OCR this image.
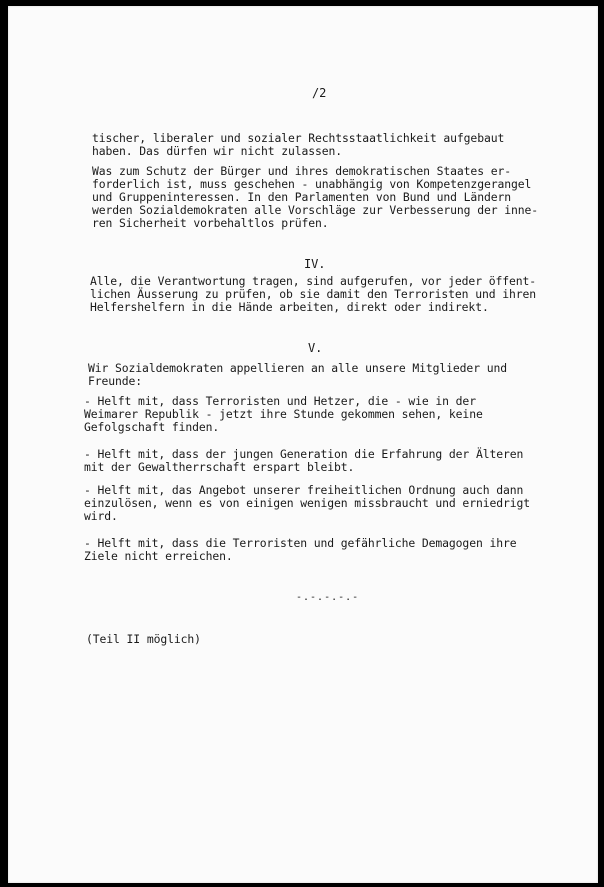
/2
tischer, liberaler und sozialer Rechtsstaatlichkeit aufgebaut
haben. Das dürfen wir nicht zulassen.
Was zum Schutz der Bürger und ihres demokratischen Staates er-
forderlich ist, muss geschehen - unabhängig von Kompetenzgerangel
und Gruppeninteressen. In den Parlamenten von Bund und Ländern
werden Sozialdemokraten alle Vorschläge zur Verbesserung der inne-
ren Sicherheit vorbehaltlos prüfen.
IV.
Alle, die Verantwortung tragen, sind aufgerufen, vor jeder öffent-
lichen Äusserung zu prüfen, ob sie damit den Terroristen und ihren
Helfershelfern in die Hände arbeiten, direkt oder indirekt.
V.
Wir Sozialdemokraten appellieren an alle unsere Mitglieder und
Freunde:
- Helft mit, dass Terroristen und Hetzer, die - wie in der
Weimarer Republik - jetzt ihre Stunde gekommen sehen, keine
Gefolgschaft finden.
- Helft mit, dass der jungen Generation die Erfahrung der Älteren
mit der Gewaltherrschaft erspart bleibt.
- Helft mit, das Angebot unserer freiheitlichen Ordnung auch dann
einzulösen, wenn es von einigen wenigen missbraucht und erniedrigt
wird.
- Helft mit, dass die Terroristen und gefährliche Demagogen ihre
Ziele nicht erreichen.
-.-.-.-.-
(Teil II möglich)
